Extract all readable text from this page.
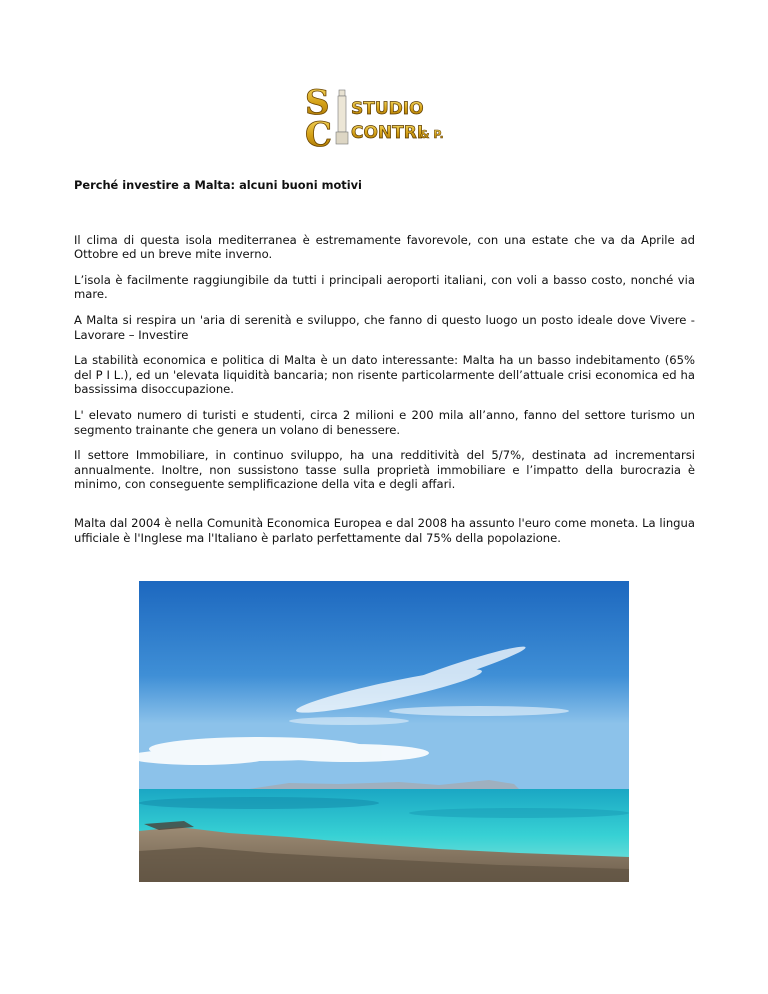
S
C
STUDIO
CONTRI
& P.

Perché investire a Malta: alcuni buoni motivi

Il clima di questa isola mediterranea è estremamente favorevole, con una estate che va da Aprile ad Ottobre ed un breve mite inverno.

L’isola è facilmente raggiungibile da tutti i principali aeroporti italiani, con voli a basso costo, nonché via mare.

A Malta si respira un 'aria di serenità e sviluppo, che fanno di questo luogo un posto ideale dove Vivere - Lavorare – Investire

La stabilità economica e politica di Malta è un dato interessante: Malta ha un basso indebitamento (65% del P I L.), ed un 'elevata liquidità bancaria; non risente particolarmente dell’attuale crisi economica ed ha bassissima disoccupazione.

L' elevato numero di turisti e studenti, circa 2 milioni e 200 mila all’anno, fanno del settore turismo un segmento trainante che genera un volano di benessere.

Il settore Immobiliare, in continuo sviluppo, ha una redditività del 5/7%, destinata ad incrementarsi annualmente. Inoltre, non sussistono tasse sulla proprietà immobiliare e l’impatto della burocrazia è minimo, con conseguente semplificazione della vita e degli affari.

Malta dal 2004 è nella Comunità Economica Europea e dal 2008 ha assunto l'euro come moneta. La lingua ufficiale è l'Inglese ma l'Italiano è parlato perfettamente dal 75% della popolazione.
